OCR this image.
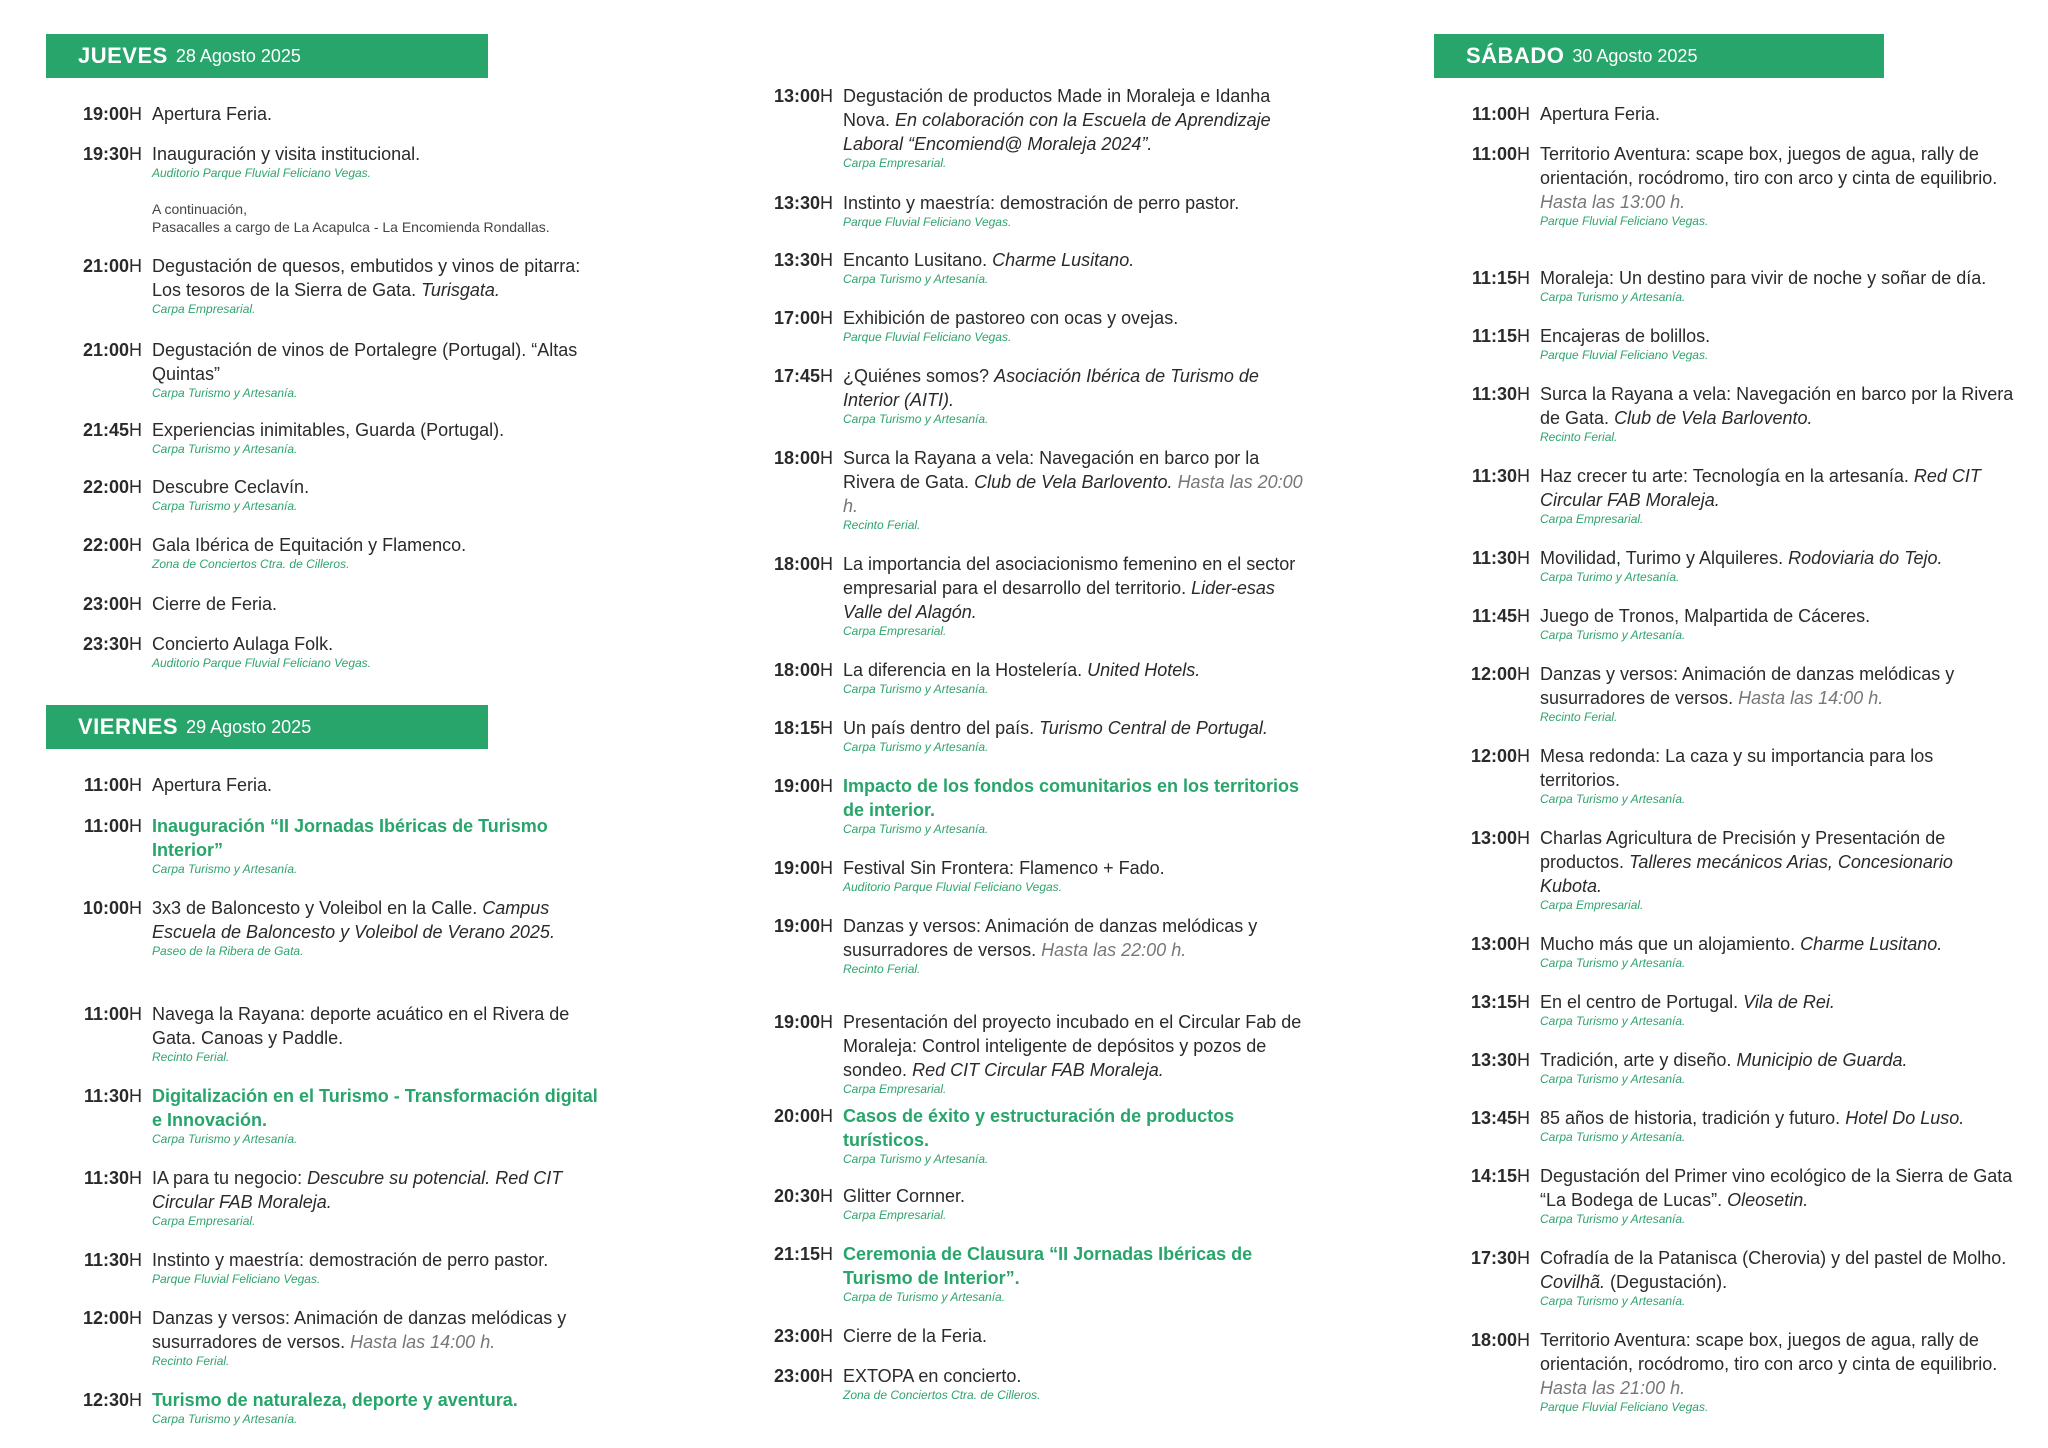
JUEVES 28 Agosto 2025
19:00H Apertura Feria.
19:30H Inauguración y visita institucional.
Auditorio Parque Fluvial Feliciano Vegas.
A continuación,
Pasacalles a cargo de La Acapulca - La Encomienda Rondallas.
21:00H Degustación de quesos, embutidos y vinos de pitarra: Los tesoros de la Sierra de Gata. Turisgata.
Carpa Empresarial.
21:00H Degustación de vinos de Portalegre (Portugal). “Altas Quintas”
Carpa Turismo y Artesanía.
21:45H Experiencias inimitables, Guarda (Portugal).
Carpa Turismo y Artesanía.
22:00H Descubre Ceclavín.
Carpa Turismo y Artesanía.
22:00H Gala Ibérica de Equitación y Flamenco.
Zona de Conciertos Ctra. de Cilleros.
23:00H Cierre de Feria.
23:30H Concierto Aulaga Folk.
Auditorio Parque Fluvial Feliciano Vegas.
VIERNES 29 Agosto 2025
11:00H Apertura Feria.
11:00H Inauguración “II Jornadas Ibéricas de Turismo Interior”
Carpa Turismo y Artesanía.
10:00H 3x3 de Baloncesto y Voleibol en la Calle. Campus Escuela de Baloncesto y Voleibol de Verano 2025.
Paseo de la Ribera de Gata.
11:00H Navega la Rayana: deporte acuático en el Rivera de Gata. Canoas y Paddle.
Recinto Ferial.
11:30H Digitalización en el Turismo - Transformación digital e Innovación.
Carpa Turismo y Artesanía.
11:30H IA para tu negocio: Descubre su potencial. Red CIT Circular FAB Moraleja.
Carpa Empresarial.
11:30H Instinto y maestría: demostración de perro pastor.
Parque Fluvial Feliciano Vegas.
12:00H Danzas y versos: Animación de danzas melódicas y susurradores de versos. Hasta las 14:00 h.
Recinto Ferial.
12:30H Turismo de naturaleza, deporte y aventura.
Carpa Turismo y Artesanía.
13:00H Degustación de productos Made in Moraleja e Idanha Nova. En colaboración con la Escuela de Aprendizaje Laboral “Encomiend@ Moraleja 2024”.
Carpa Empresarial.
13:30H Instinto y maestría: demostración de perro pastor.
Parque Fluvial Feliciano Vegas.
13:30H Encanto Lusitano. Charme Lusitano.
Carpa Turismo y Artesanía.
17:00H Exhibición de pastoreo con ocas y ovejas.
Parque Fluvial Feliciano Vegas.
17:45H ¿Quiénes somos? Asociación Ibérica de Turismo de Interior (AITI).
Carpa Turismo y Artesanía.
18:00H Surca la Rayana a vela: Navegación en barco por la Rivera de Gata. Club de Vela Barlovento. Hasta las 20:00 h.
Recinto Ferial.
18:00H La importancia del asociacionismo femenino en el sector empresarial para el desarrollo del territorio. Lider-esas Valle del Alagón.
Carpa Empresarial.
18:00H La diferencia en la Hostelería. United Hotels.
Carpa Turismo y Artesanía.
18:15H Un país dentro del país. Turismo Central de Portugal.
Carpa Turismo y Artesanía.
19:00H Impacto de los fondos comunitarios en los territorios de interior.
Carpa Turismo y Artesanía.
19:00H Festival Sin Frontera: Flamenco + Fado.
Auditorio Parque Fluvial Feliciano Vegas.
19:00H Danzas y versos: Animación de danzas melódicas y susurradores de versos. Hasta las 22:00 h.
Recinto Ferial.
19:00H Presentación del proyecto incubado en el Circular Fab de Moraleja: Control inteligente de depósitos y pozos de sondeo. Red CIT Circular FAB Moraleja.
Carpa Empresarial.
20:00H Casos de éxito y estructuración de productos turísticos.
Carpa Turismo y Artesanía.
20:30H Glitter Cornner.
Carpa Empresarial.
21:15H Ceremonia de Clausura “II Jornadas Ibéricas de Turismo de Interior”.
Carpa de Turismo y Artesanía.
23:00H Cierre de la Feria.
23:00H EXTOPA en concierto.
Zona de Conciertos Ctra. de Cilleros.
SÁBADO 30 Agosto 2025
11:00H Apertura Feria.
11:00H Territorio Aventura: scape box, juegos de agua, rally de orientación, rocódromo, tiro con arco y cinta de equilibrio. Hasta las 13:00 h.
Parque Fluvial Feliciano Vegas.
11:15H Moraleja: Un destino para vivir de noche y soñar de día.
Carpa Turismo y Artesanía.
11:15H Encajeras de bolillos.
Parque Fluvial Feliciano Vegas.
11:30H Surca la Rayana a vela: Navegación en barco por la Rivera de Gata. Club de Vela Barlovento.
Recinto Ferial.
11:30H Haz crecer tu arte: Tecnología en la artesanía. Red CIT Circular FAB Moraleja.
Carpa Empresarial.
11:30H Movilidad, Turimo y Alquileres. Rodoviaria do Tejo.
Carpa Turimo y Artesanía.
11:45H Juego de Tronos, Malpartida de Cáceres.
Carpa Turismo y Artesanía.
12:00H Danzas y versos: Animación de danzas melódicas y susurradores de versos. Hasta las 14:00 h.
Recinto Ferial.
12:00H Mesa redonda: La caza y su importancia para los territorios.
Carpa Turismo y Artesanía.
13:00H Charlas Agricultura de Precisión y Presentación de productos. Talleres mecánicos Arias, Concesionario Kubota.
Carpa Empresarial.
13:00H Mucho más que un alojamiento. Charme Lusitano.
Carpa Turismo y Artesanía.
13:15H En el centro de Portugal. Vila de Rei.
Carpa Turismo y Artesanía.
13:30H Tradición, arte y diseño. Municipio de Guarda.
Carpa Turismo y Artesanía.
13:45H 85 años de historia, tradición y futuro. Hotel Do Luso.
Carpa Turismo y Artesanía.
14:15H Degustación del Primer vino ecológico de la Sierra de Gata “La Bodega de Lucas”. Oleosetin.
Carpa Turismo y Artesanía.
17:30H Cofradía de la Patanisca (Cherovia) y del pastel de Molho. Covilhã. (Degustación).
Carpa Turismo y Artesanía.
18:00H Territorio Aventura: scape box, juegos de agua, rally de orientación, rocódromo, tiro con arco y cinta de equilibrio. Hasta las 21:00 h.
Parque Fluvial Feliciano Vegas.
